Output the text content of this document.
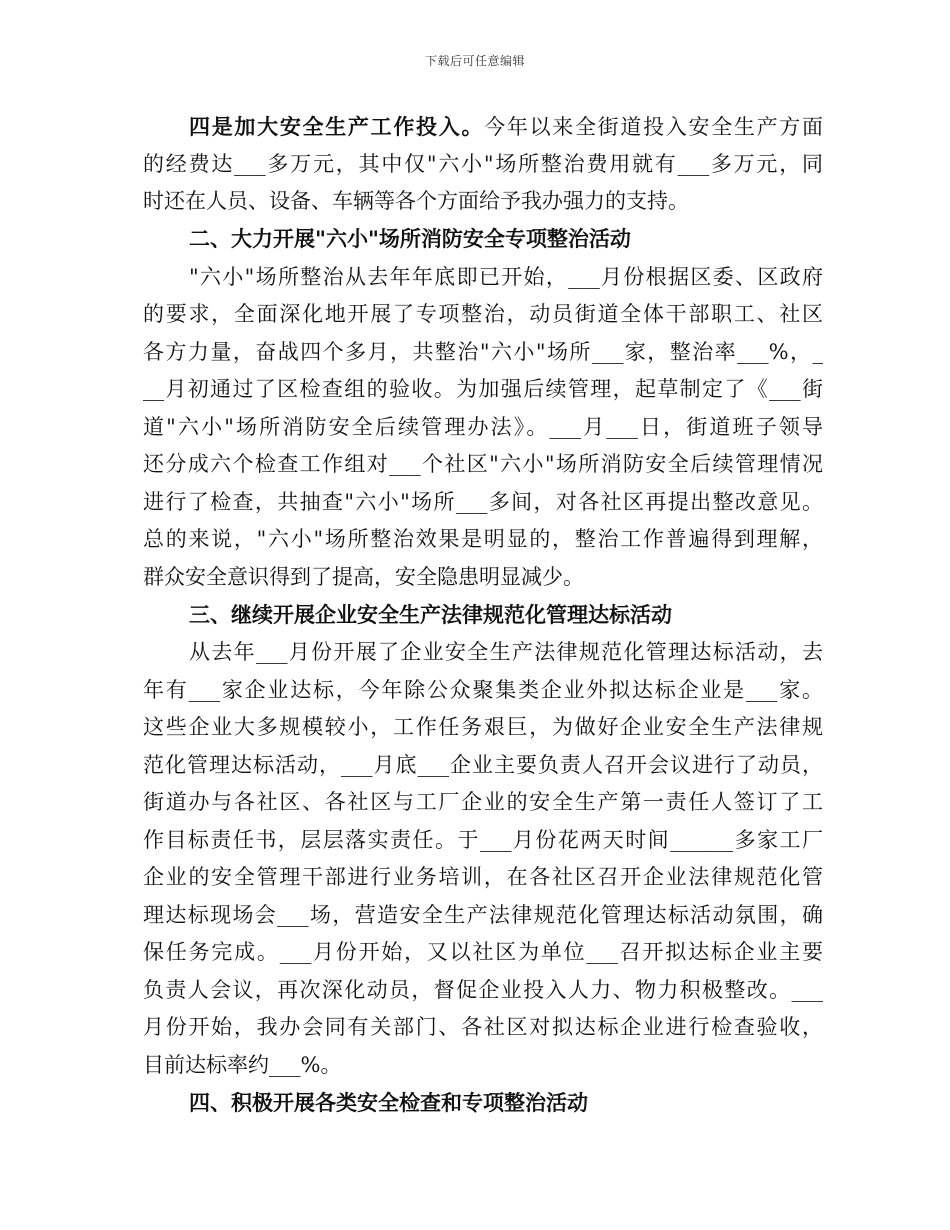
下载后可任意编辑
四是加大安全生产工作投入。今年以来全街道投入安全生产方面
的经费达___多万元，其中仅"六小"场所整治费用就有___多万元，同
时还在人员、设备、车辆等各个方面给予我办强力的支持。
二、大力开展"六小"场所消防安全专项整治活动
"六小"场所整治从去年年底即已开始，___月份根据区委、区政府
的要求，全面深化地开展了专项整治，动员街道全体干部职工、社区
各方力量，奋战四个多月，共整治"六小"场所___家，整治率___%，_
__月初通过了区检查组的验收。为加强后续管理，起草制定了《___街
道"六小"场所消防安全后续管理办法》。___月___日，街道班子领导
还分成六个检查工作组对___个社区"六小"场所消防安全后续管理情况
进行了检查，共抽查"六小"场所___多间，对各社区再提出整改意见。
总的来说，"六小"场所整治效果是明显的，整治工作普遍得到理解，
群众安全意识得到了提高，安全隐患明显减少。
三、继续开展企业安全生产法律规范化管理达标活动
从去年___月份开展了企业安全生产法律规范化管理达标活动，去
年有___家企业达标，今年除公众聚集类企业外拟达标企业是___家。
这些企业大多规模较小，工作任务艰巨，为做好企业安全生产法律规
范化管理达标活动，___月底___企业主要负责人召开会议进行了动员，
街道办与各社区、各社区与工厂企业的安全生产第一责任人签订了工
作目标责任书，层层落实责任。于___月份花两天时间______多家工厂
企业的安全管理干部进行业务培训，在各社区召开企业法律规范化管
理达标现场会___场，营造安全生产法律规范化管理达标活动氛围，确
保任务完成。___月份开始，又以社区为单位___召开拟达标企业主要
负责人会议，再次深化动员，督促企业投入人力、物力积极整改。___
月份开始，我办会同有关部门、各社区对拟达标企业进行检查验收，
目前达标率约___%。
四、积极开展各类安全检查和专项整治活动
